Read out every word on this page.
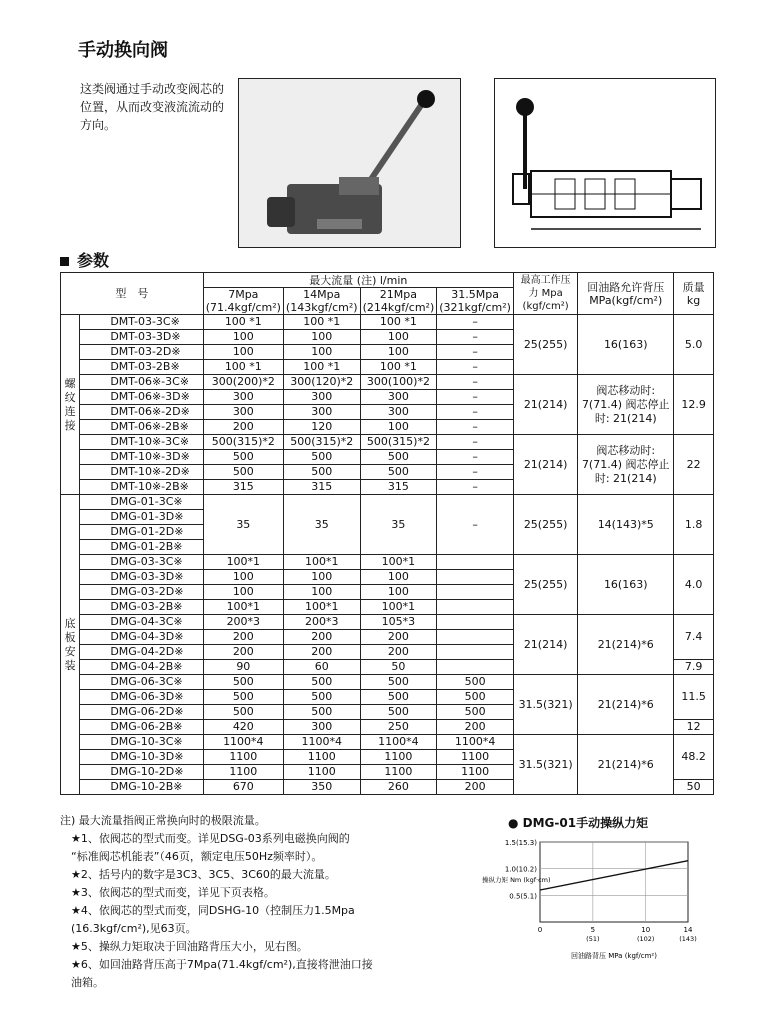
手动换向阀
这类阀通过手动改变阀芯的位置，从而改变液流流动的方向。
参数
型　号		最大流量 (注) l/min				最高工作压力 Mpa (kgf/cm²)	回油路允许背压 MPa(kgf/cm²)	质量 kg
		7Mpa (71.4kgf/cm²)	14Mpa (143kgf/cm²)	21Mpa (214kgf/cm²)	31.5Mpa (321kgf/cm²)			
螺纹连接	DMT-03-3C※	100 *1	100 *1	100 *1	–	25(255)	16(163)	5.0
	DMT-03-3D※	100	100	100	–			
	DMT-03-2D※	100	100	100	–			
	DMT-03-2B※	100 *1	100 *1	100 *1	–			
	DMT-06※-3C※	300(200)*2	300(120)*2	300(100)*2	–	21(214)	阀芯移动时: 7(71.4) 阀芯停止时: 21(214)	12.9
	DMT-06※-3D※	300	300	300	–			
	DMT-06※-2D※	300	300	300	–			
	DMT-06※-2B※	200	120	100	–			
	DMT-10※-3C※	500(315)*2	500(315)*2	500(315)*2	–	21(214)	阀芯移动时: 7(71.4) 阀芯停止时: 21(214)	22
	DMT-10※-3D※	500	500	500	–			
	DMT-10※-2D※	500	500	500	–			
	DMT-10※-2B※	315	315	315	–			
底板安装	DMG-01-3C※	35	35	35	–	25(255)	14(143)*5	1.8
	DMG-01-3D※							
	DMG-01-2D※							
	DMG-01-2B※							
	DMG-03-3C※	100*1	100*1	100*1		25(255)	16(163)	4.0
	DMG-03-3D※	100	100	100				
	DMG-03-2D※	100	100	100				
	DMG-03-2B※	100*1	100*1	100*1				
	DMG-04-3C※	200*3	200*3	105*3		21(214)	21(214)*6	7.4
	DMG-04-3D※	200	200	200				
	DMG-04-2D※	200	200	200				
	DMG-04-2B※	90	60	50				7.9
	DMG-06-3C※	500	500	500	500	31.5(321)	21(214)*6	11.5
	DMG-06-3D※	500	500	500	500			
	DMG-06-2D※	500	500	500	500			
	DMG-06-2B※	420	300	250	200			12
	DMG-10-3C※	1100*4	1100*4	1100*4	1100*4	31.5(321)	21(214)*6	48.2
	DMG-10-3D※	1100	1100	1100	1100			
	DMG-10-2D※	1100	1100	1100	1100			
	DMG-10-2B※	670	350	260	200			50
注) 最大流量指阀正常换向时的极限流量。
　★1、依阀芯的型式而变。详见DSG-03系列电磁换向阀的
　“标准阀芯机能表”（46页，额定电压50Hz频率时）。
　★2、括号内的数字是3C3、3C5、3C60的最大流量。
　★3、依阀芯的型式而变，详见下页表格。
　★4、依阀芯的型式而变，同DSHG-10（控制压力1.5Mpa
　(16.3kgf/cm²),见63页。
　★5、操纵力矩取决于回油路背压大小，见右图。
　★6、如回油路背压高于7Mpa(71.4kgf/cm²),直接将泄油口接
　油箱。
● DMG-01手动操纵力矩
0.5(5.1)
1.0(10.2)
1.5(15.3)
0	5
(51)
10
(102)
14
(143)
操纵力矩 Nm (kgf·cm)
回油路背压 MPa (kgf/cm²)
